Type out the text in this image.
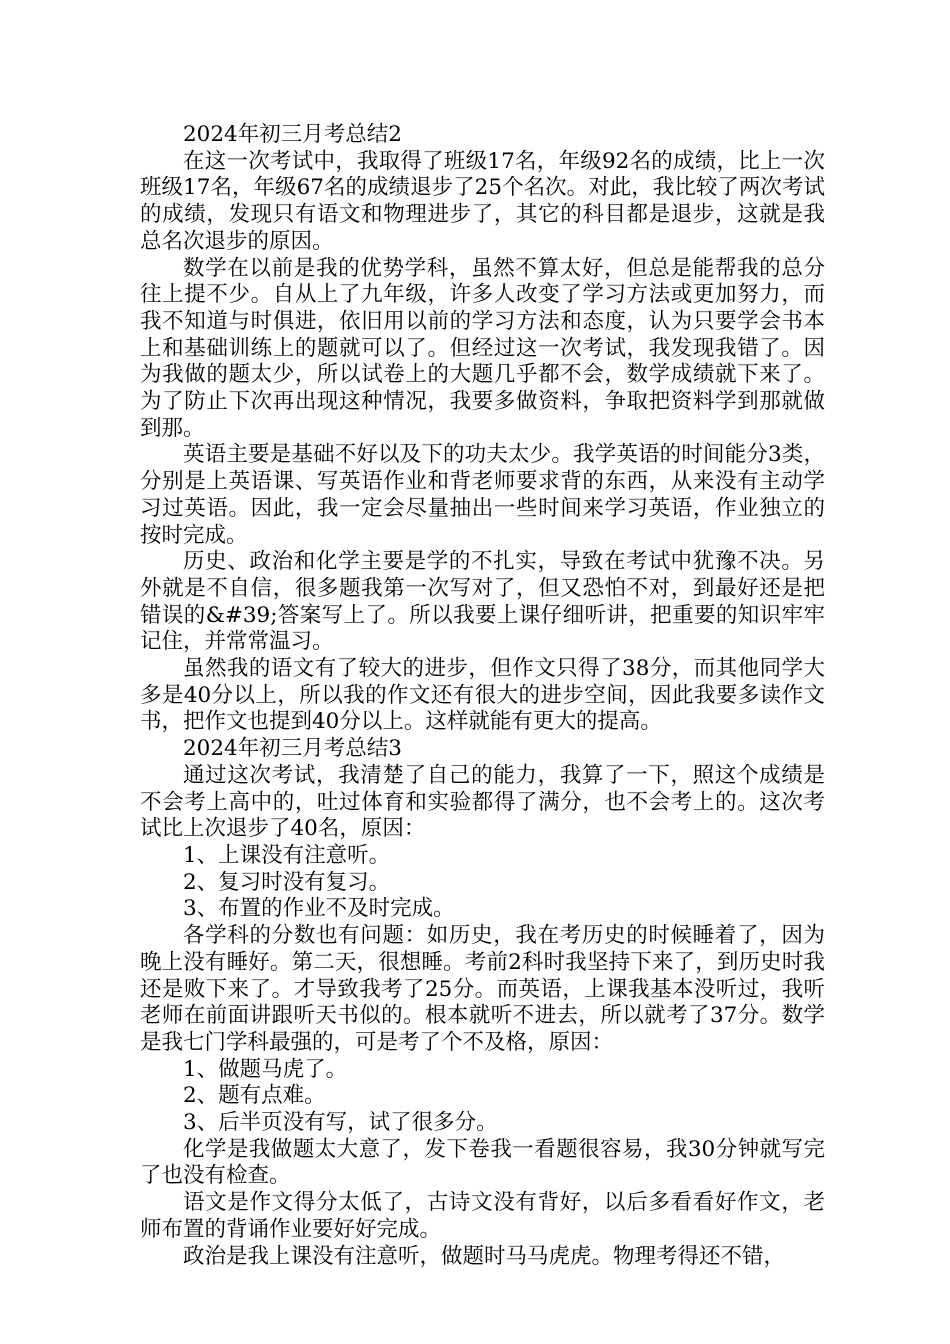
2024年初三月考总结2

在这一次考试中，我取得了班级17名，年级92名的成绩，比上一次班级17名，年级67名的成绩退步了25个名次。对此，我比较了两次考试的成绩，发现只有语文和物理进步了，其它的科目都是退步，这就是我总名次退步的原因。

数学在以前是我的优势学科，虽然不算太好，但总是能帮我的总分往上提不少。自从上了九年级，许多人改变了学习方法或更加努力，而我不知道与时俱进，依旧用以前的学习方法和态度，认为只要学会书本上和基础训练上的题就可以了。但经过这一次考试，我发现我错了。因为我做的题太少，所以试卷上的大题几乎都不会，数学成绩就下来了。为了防止下次再出现这种情况，我要多做资料，争取把资料学到那就做到那。

英语主要是基础不好以及下的功夫太少。我学英语的时间能分3类，分别是上英语课、写英语作业和背老师要求背的东西，从来没有主动学习过英语。因此，我一定会尽量抽出一些时间来学习英语，作业独立的按时完成。

历史、政治和化学主要是学的不扎实，导致在考试中犹豫不决。另外就是不自信，很多题我第一次写对了，但又恐怕不对，到最好还是把错误的&#39;答案写上了。所以我要上课仔细听讲，把重要的知识牢牢记住，并常常温习。

虽然我的语文有了较大的进步，但作文只得了38分，而其他同学大多是40分以上，所以我的作文还有很大的进步空间，因此我要多读作文书，把作文也提到40分以上。这样就能有更大的提高。

2024年初三月考总结3

通过这次考试，我清楚了自己的能力，我算了一下，照这个成绩是不会考上高中的，吐过体育和实验都得了满分，也不会考上的。这次考试比上次退步了40名，原因：

1、上课没有注意听。

2、复习时没有复习。

3、布置的作业不及时完成。

各学科的分数也有问题：如历史，我在考历史的时候睡着了，因为晚上没有睡好。第二天，很想睡。考前2科时我坚持下来了，到历史时我还是败下来了。才导致我考了25分。而英语，上课我基本没听过，我听老师在前面讲跟听天书似的。根本就听不进去，所以就考了37分。数学是我七门学科最强的，可是考了个不及格，原因：

1、做题马虎了。

2、题有点难。

3、后半页没有写，试了很多分。

化学是我做题太大意了，发下卷我一看题很容易，我30分钟就写完了也没有检查。

语文是作文得分太低了，古诗文没有背好，以后多看看好作文，老师布置的背诵作业要好好完成。

政治是我上课没有注意听，做题时马马虎虎。物理考得还不错，
